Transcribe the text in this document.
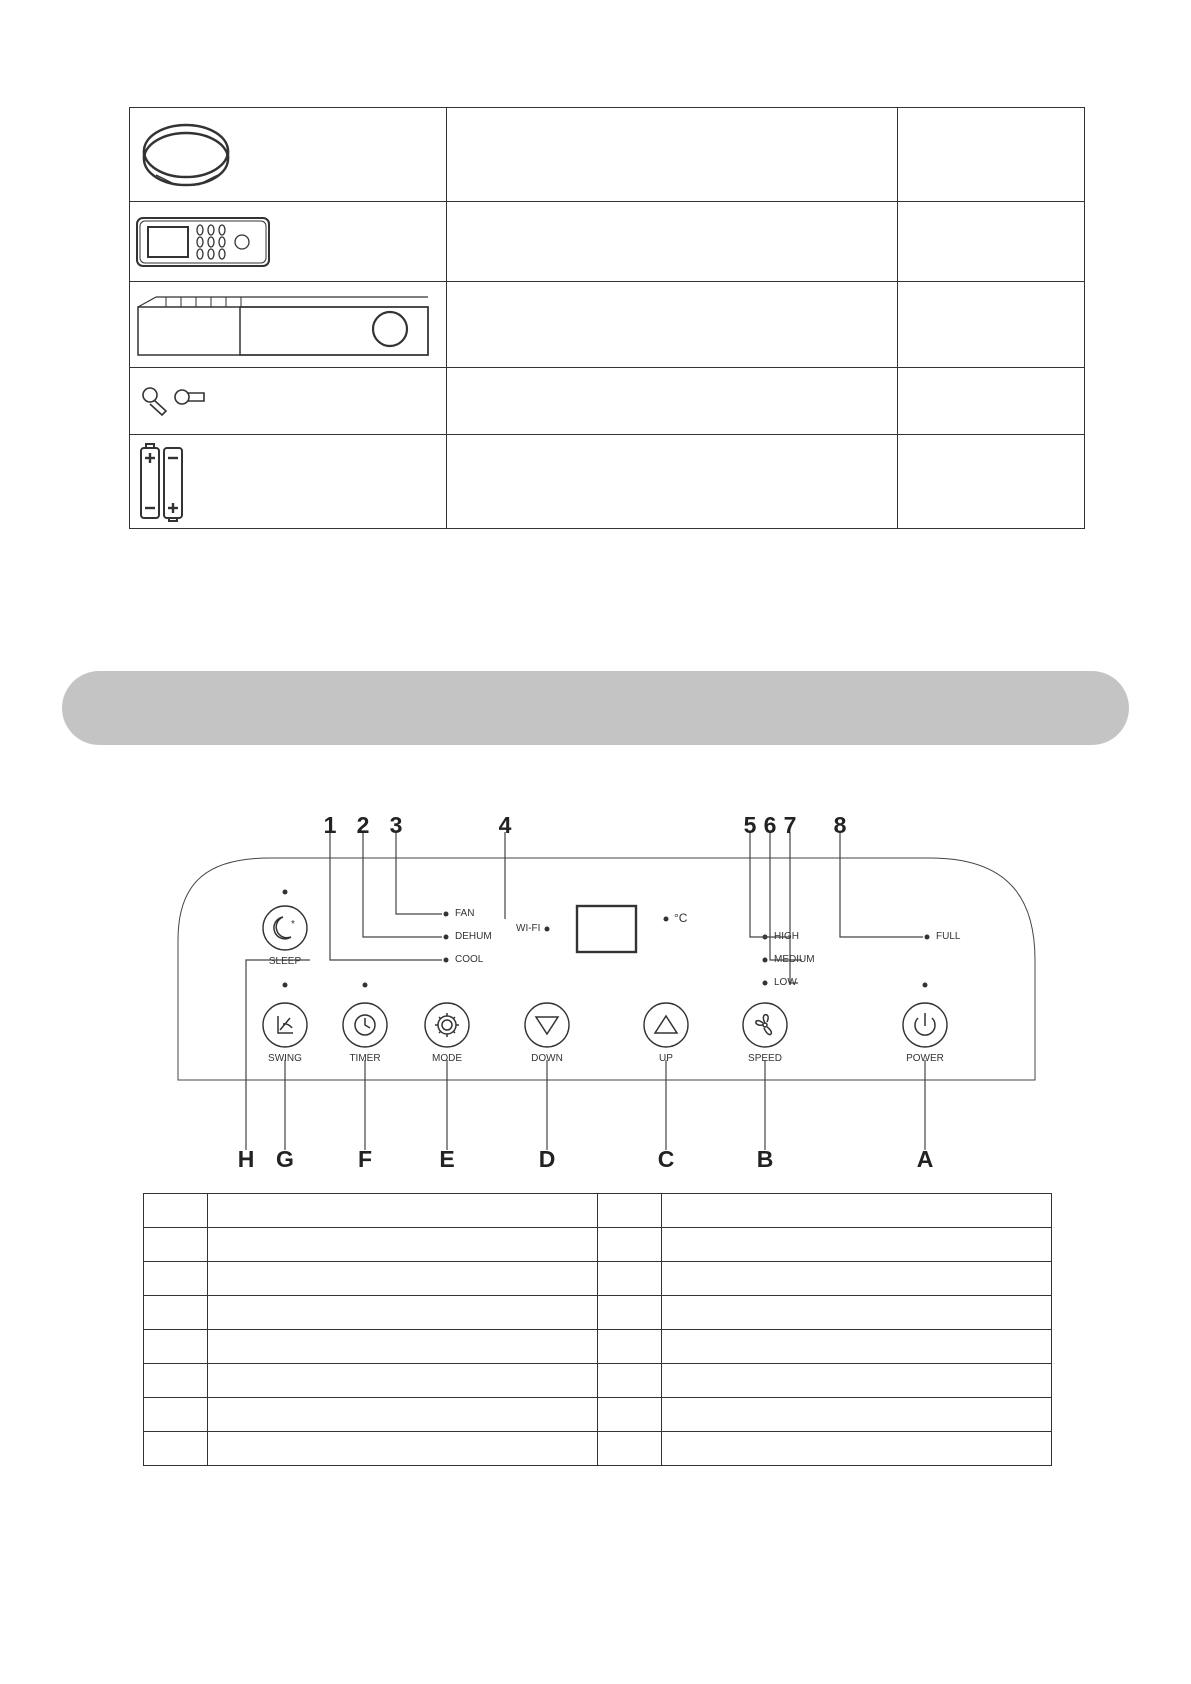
*
1 2 3	4	5 6 7	8
H G	F	E	D	C	B	A
FAN
DEHUM
COOL
WI-FI
°C
HIGH
MEDIUM
LOW
FULL
SLEEP
SWING	TIMER	MODE	DOWN	UP	SPEED	POWER
